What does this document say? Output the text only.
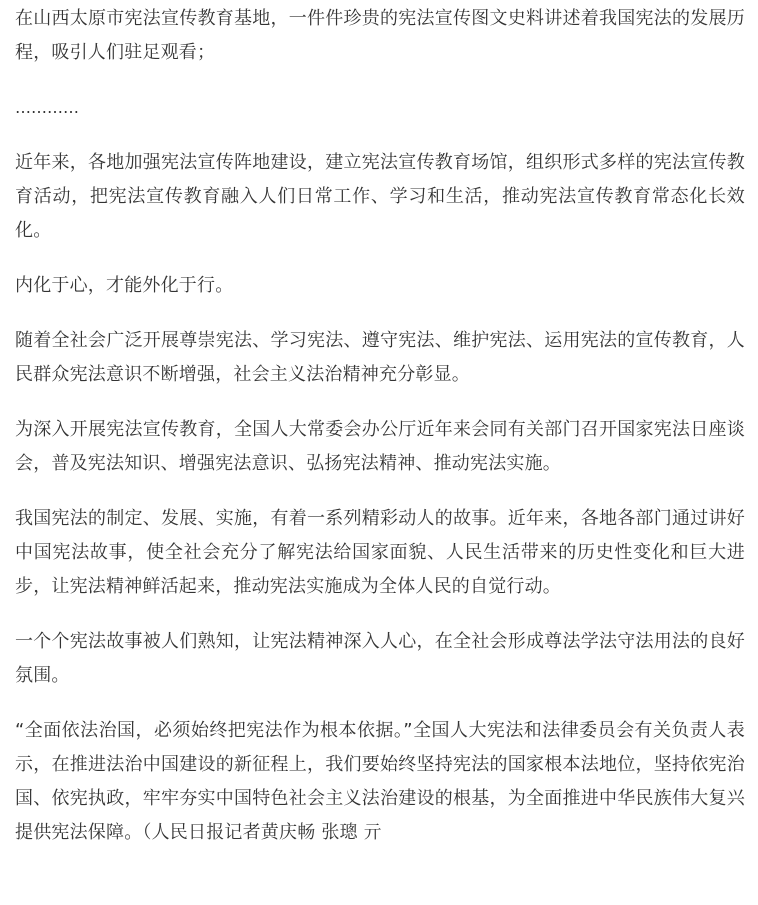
在山西太原市宪法宣传教育基地，一件件珍贵的宪法宣传图文史料讲述着我国宪法的发展历程，吸引人们驻足观看；

…………

近年来，各地加强宪法宣传阵地建设，建立宪法宣传教育场馆，组织形式多样的宪法宣传教育活动，把宪法宣传教育融入人们日常工作、学习和生活，推动宪法宣传教育常态化长效化。

内化于心，才能外化于行。

随着全社会广泛开展尊崇宪法、学习宪法、遵守宪法、维护宪法、运用宪法的宣传教育，人民群众宪法意识不断增强，社会主义法治精神充分彰显。

为深入开展宪法宣传教育，全国人大常委会办公厅近年来会同有关部门召开国家宪法日座谈会，普及宪法知识、增强宪法意识、弘扬宪法精神、推动宪法实施。

我国宪法的制定、发展、实施，有着一系列精彩动人的故事。近年来，各地各部门通过讲好中国宪法故事，使全社会充分了解宪法给国家面貌、人民生活带来的历史性变化和巨大进步，让宪法精神鲜活起来，推动宪法实施成为全体人民的自觉行动。

一个个宪法故事被人们熟知，让宪法精神深入人心，在全社会形成尊法学法守法用法的良好氛围。

“全面依法治国，必须始终把宪法作为根本依据。”全国人大宪法和法律委员会有关负责人表示，在推进法治中国建设的新征程上，我们要始终坚持宪法的国家根本法地位，坚持依宪治国、依宪执政，牢牢夯实中国特色社会主义法治建设的根基，为全面推进中华民族伟大复兴提供宪法保障。（人民日报记者黄庆畅 张璁 亓
